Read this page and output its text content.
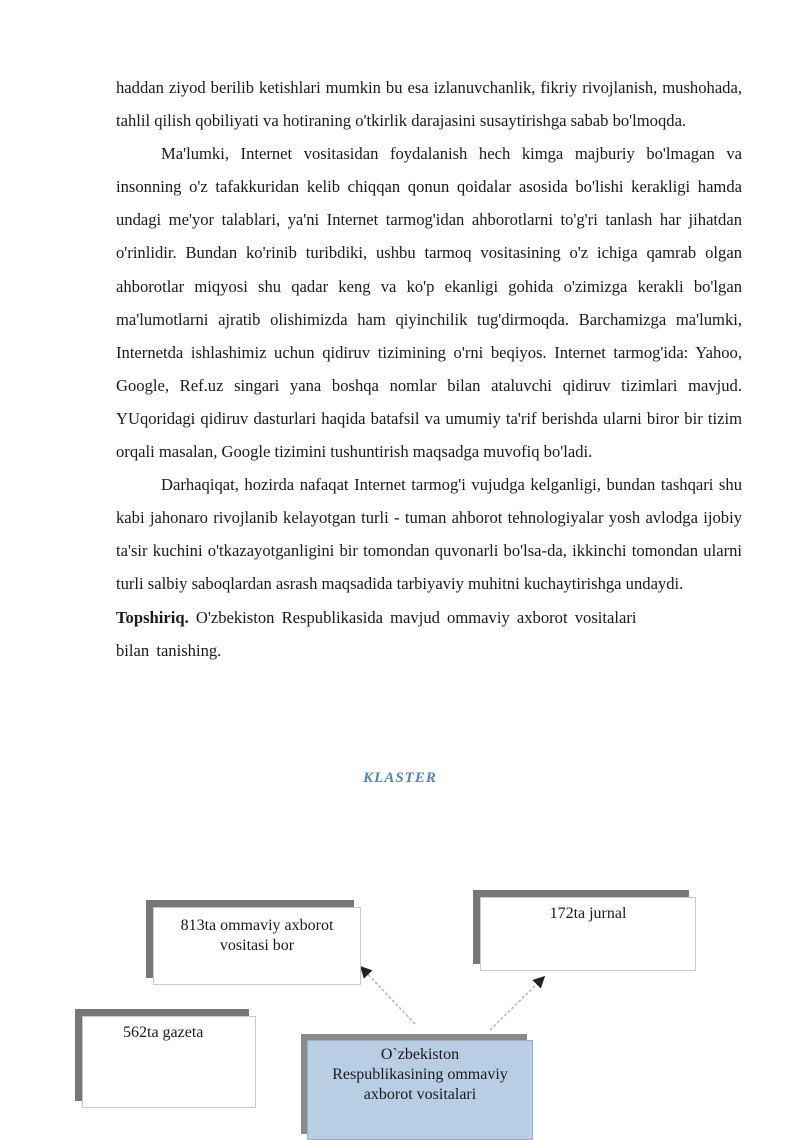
haddan ziyod berilib ketishlari mumkin bu esa izlanuvchanlik, fikriy rivojlanish, mushohada, tahlil qilish qobiliyati va hotiraning o'tkirlik darajasini susaytirishga sabab bo'lmoqda.

Ma'lumki, Internet vositasidan foydalanish hech kimga majburiy bo'lmagan va insonning o'z tafakkuridan kelib chiqqan qonun qoidalar asosida bo'lishi kerakligi hamda undagi me'yor talablari, ya'ni Internet tarmog'idan ahborotlarni to'g'ri tanlash har jihatdan o'rinlidir. Bundan ko'rinib turibdiki, ushbu tarmoq vositasining o'z ichiga qamrab olgan ahborotlar miqyosi shu qadar keng va ko'p ekanligi gohida o'zimizga kerakli bo'lgan ma'lumotlarni ajratib olishimizda ham qiyinchilik tug'dirmoqda. Barchamizga ma'lumki, Internetda ishlashimiz uchun qidiruv tizimining o'rni beqiyos. Internet tarmog'ida: Yahoo, Google, Ref.uz singari yana boshqa nomlar bilan ataluvchi qidiruv tizimlari mavjud. YUqoridagi qidiruv dasturlari haqida batafsil va umumiy ta'rif berishda ularni biror bir tizim orqali masalan, Google tizimini tushuntirish maqsadga muvofiq bo'ladi.

Darhaqiqat, hozirda nafaqat Internet tarmog'i vujudga kelganligi, bundan tashqari shu kabi jahonaro rivojlanib kelayotgan turli - tuman ahborot tehnologiyalar yosh avlodga ijobiy ta'sir kuchini o'tkazayotganligini bir tomondan quvonarli bo'lsa-da, ikkinchi tomondan ularni turli salbiy saboqlardan asrash maqsadida tarbiyaviy muhitni kuchaytirishga undaydi.

Topshiriq. O'zbekiston Respublikasida mavjud ommaviy axborot vositalari

bilan tanishing.

KLASTER
813ta ommaviy axborot
vositasi bor
172ta jurnal
562ta gazeta
O`zbekiston
Respublikasining ommaviy
axborot vositalari
